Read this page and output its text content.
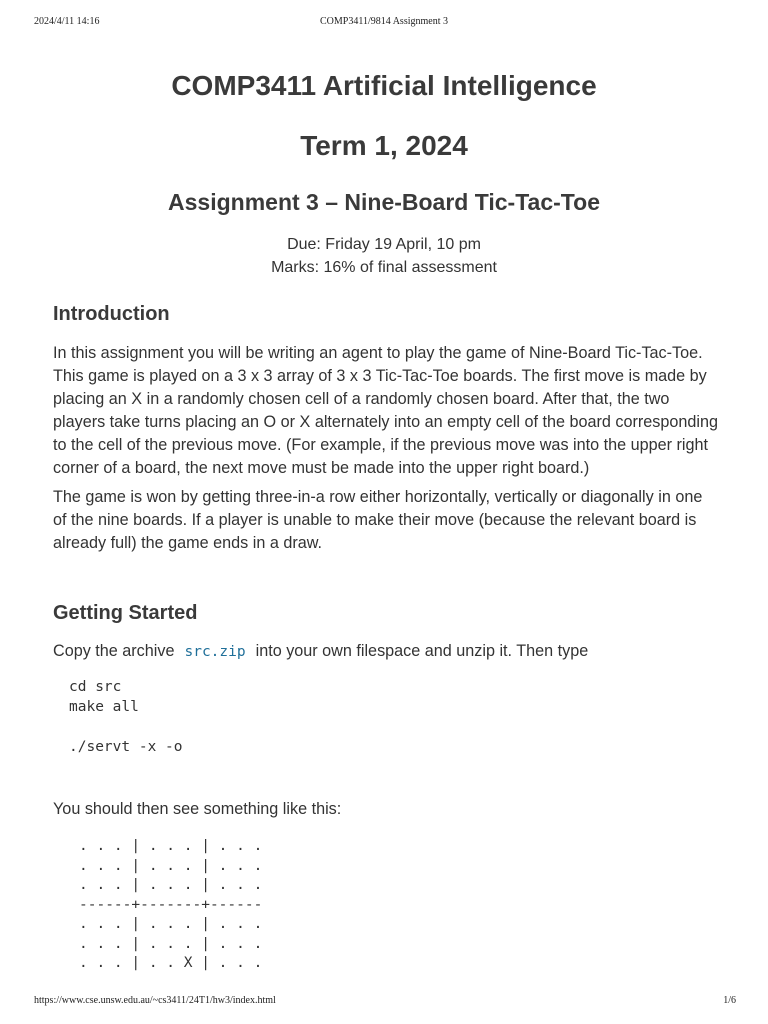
2024/4/11 14:16	COMP3411/9814 Assignment 3
COMP3411 Artificial Intelligence
Term 1, 2024
Assignment 3 – Nine-Board Tic-Tac-Toe
Due: Friday 19 April, 10 pm
Marks: 16% of final assessment
Introduction

In this assignment you will be writing an agent to play the game of Nine-Board Tic-Tac-Toe. This game is played on a 3 x 3 array of 3 x 3 Tic-Tac-Toe boards. The first move is made by placing an X in a randomly chosen cell of a randomly chosen board. After that, the two players take turns placing an O or X alternately into an empty cell of the board corresponding to the cell of the previous move. (For example, if the previous move was into the upper right corner of a board, the next move must be made into the upper right board.)

The game is won by getting three-in-a row either horizontally, vertically or diagonally in one of the nine boards. If a player is unable to make their move (because the relevant board is already full) the game ends in a draw.

Getting Started
Copy the archive src.zip into your own filespace and unzip it. Then type
cd src
make all

./servt -x -o
You should then see something like this:
. . . | . . . | . . .
. . . | . . . | . . .
. . . | . . . | . . .
------+-------+------
. . . | . . . | . . .
. . . | . . . | . . .
. . . | . . X | . . .
https://www.cse.unsw.edu.au/~cs3411/24T1/hw3/index.html	1/6
